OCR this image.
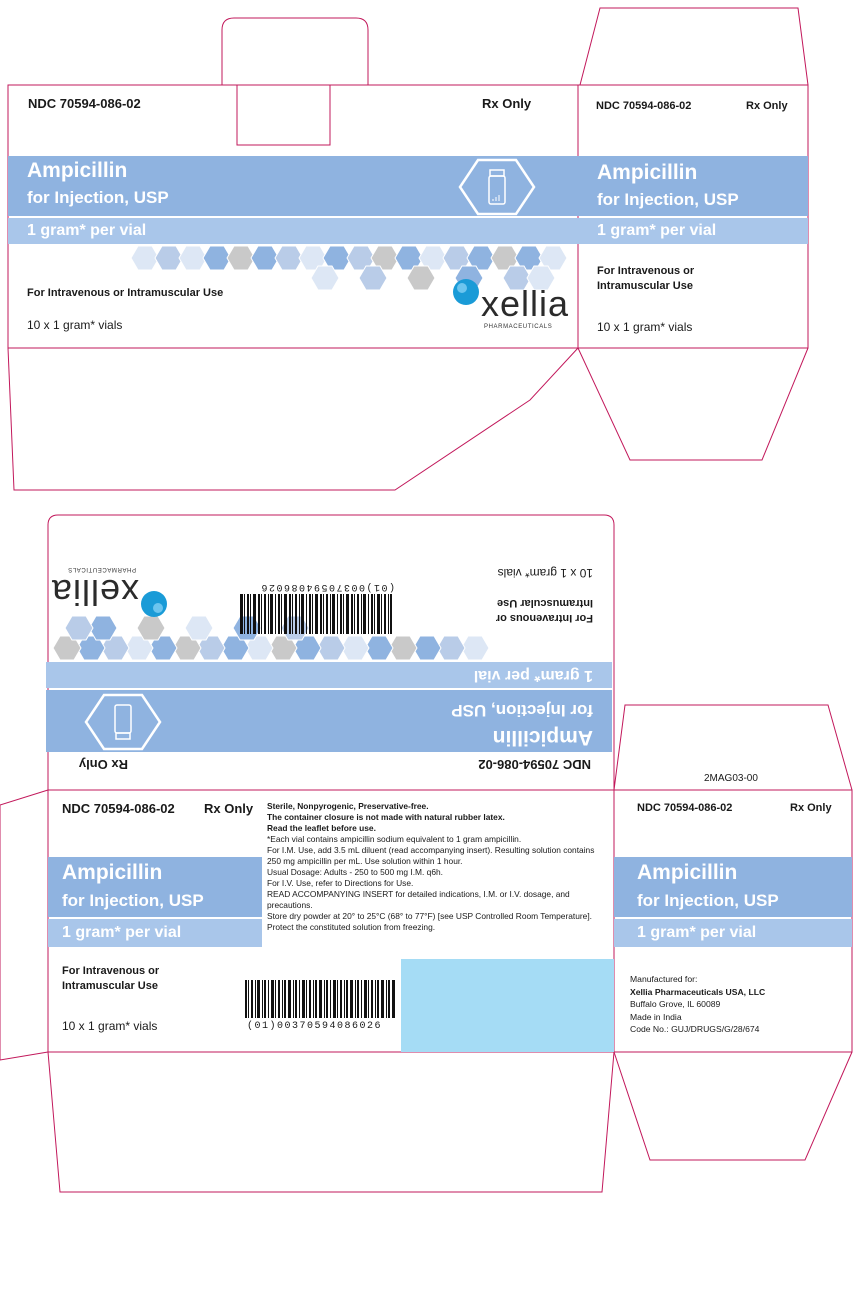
NDC 70594-086-02	Rx Only
Ampicillin
for Injection, USP
1 gram* per vial
For Intravenous or Intramuscular Use
10 x 1 gram* vials
xellia
PHARMACEUTICALS
NDC 70594-086-02	Rx Only
Ampicillin
for Injection, USP
1 gram* per vial
For Intravenous or
Intramuscular Use
10 x 1 gram* vials
NDC 70594-086-02
Rx Only
Ampicillin
for Injection, USP
1 gram* per vial
For Intravenous or
Intramuscular Use
10 x 1 gram* vials
(01)00370594086026
xellia
PHARMACEUTICALS
2MAG03-00
NDC 70594-086-02 Rx Only
Ampicillin
for Injection, USP
1 gram* per vial
For Intravenous or
Intramuscular Use
10 x 1 gram* vials

Sterile, Nonpyrogenic, Preservative-free.

The container closure is not made with natural rubber latex.

Read the leaflet before use.

*Each vial contains ampicillin sodium equivalent to 1 gram ampicillin.

For I.M. Use, add 3.5 mL diluent (read accompanying insert). Resulting solution contains

250 mg ampicillin per mL. Use solution within 1 hour.

Usual Dosage: Adults - 250 to 500 mg I.M. q6h.

For I.V. Use, refer to Directions for Use.

READ ACCOMPANYING INSERT for detailed indications, I.M. or I.V. dosage, and

precautions.

Store dry powder at 20° to 25°C (68° to 77°F) [see USP Controlled Room Temperature].

Protect the constituted solution from freezing.

(01)00370594086026
NDC 70594-086-02	Rx Only
Ampicillin
for Injection, USP
1 gram* per vial

Manufactured for:

Xellia Pharmaceuticals USA, LLC

Buffalo Grove, IL 60089

Made in India

Code No.: GUJ/DRUGS/G/28/674
